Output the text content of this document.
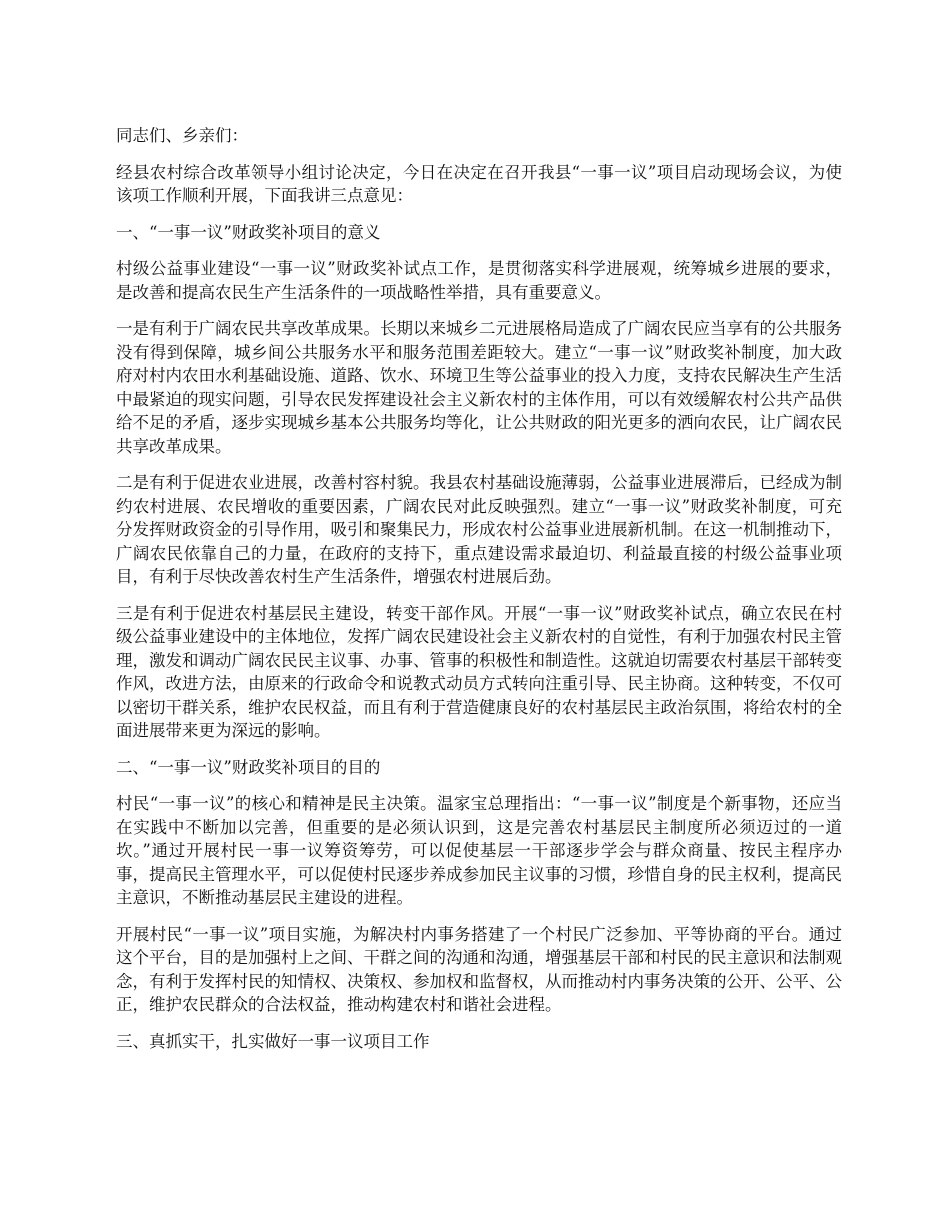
同志们、乡亲们：

经县农村综合改革领导小组讨论决定，今日在决定在召开我县“一事一议”项目启动现场会议，为使该项工作顺利开展，下面我讲三点意见：

一、“一事一议”财政奖补项目的意义

村级公益事业建设“一事一议”财政奖补试点工作，是贯彻落实科学进展观，统筹城乡进展的要求，是改善和提高农民生产生活条件的一项战略性举措，具有重要意义。

一是有利于广阔农民共享改革成果。长期以来城乡二元进展格局造成了广阔农民应当享有的公共服务没有得到保障，城乡间公共服务水平和服务范围差距较大。建立“一事一议”财政奖补制度，加大政府对村内农田水利基础设施、道路、饮水、环境卫生等公益事业的投入力度，支持农民解决生产生活中最紧迫的现实问题，引导农民发挥建设社会主义新农村的主体作用，可以有效缓解农村公共产品供给不足的矛盾，逐步实现城乡基本公共服务均等化，让公共财政的阳光更多的洒向农民，让广阔农民共享改革成果。

二是有利于促进农业进展，改善村容村貌。我县农村基础设施薄弱，公益事业进展滞后，已经成为制约农村进展、农民增收的重要因素，广阔农民对此反映强烈。建立“一事一议”财政奖补制度，可充分发挥财政资金的引导作用，吸引和聚集民力，形成农村公益事业进展新机制。在这一机制推动下，广阔农民依靠自己的力量，在政府的支持下，重点建设需求最迫切、利益最直接的村级公益事业项目，有利于尽快改善农村生产生活条件，增强农村进展后劲。

三是有利于促进农村基层民主建设，转变干部作风。开展“一事一议”财政奖补试点，确立农民在村级公益事业建设中的主体地位，发挥广阔农民建设社会主义新农村的自觉性，有利于加强农村民主管理，激发和调动广阔农民民主议事、办事、管事的积极性和制造性。这就迫切需要农村基层干部转变作风，改进方法，由原来的行政命令和说教式动员方式转向注重引导、民主协商。这种转变，不仅可以密切干群关系，维护农民权益，而且有利于营造健康良好的农村基层民主政治氛围，将给农村的全面进展带来更为深远的影响。

二、“一事一议”财政奖补项目的目的

村民“一事一议”的核心和精神是民主决策。温家宝总理指出：“一事一议”制度是个新事物，还应当在实践中不断加以完善，但重要的是必须认识到，这是完善农村基层民主制度所必须迈过的一道坎。”通过开展村民一事一议筹资筹劳，可以促使基层一干部逐步学会与群众商量、按民主程序办事，提高民主管理水平，可以促使村民逐步养成参加民主议事的习惯，珍惜自身的民主权利，提高民主意识，不断推动基层民主建设的进程。

开展村民“一事一议”项目实施，为解决村内事务搭建了一个村民广泛参加、平等协商的平台。通过这个平台，目的是加强村上之间、干群之间的沟通和沟通，增强基层干部和村民的民主意识和法制观念，有利于发挥村民的知情权、决策权、参加权和监督权，从而推动村内事务决策的公开、公平、公正，维护农民群众的合法权益，推动构建农村和谐社会进程。

三、真抓实干，扎实做好一事一议项目工作
